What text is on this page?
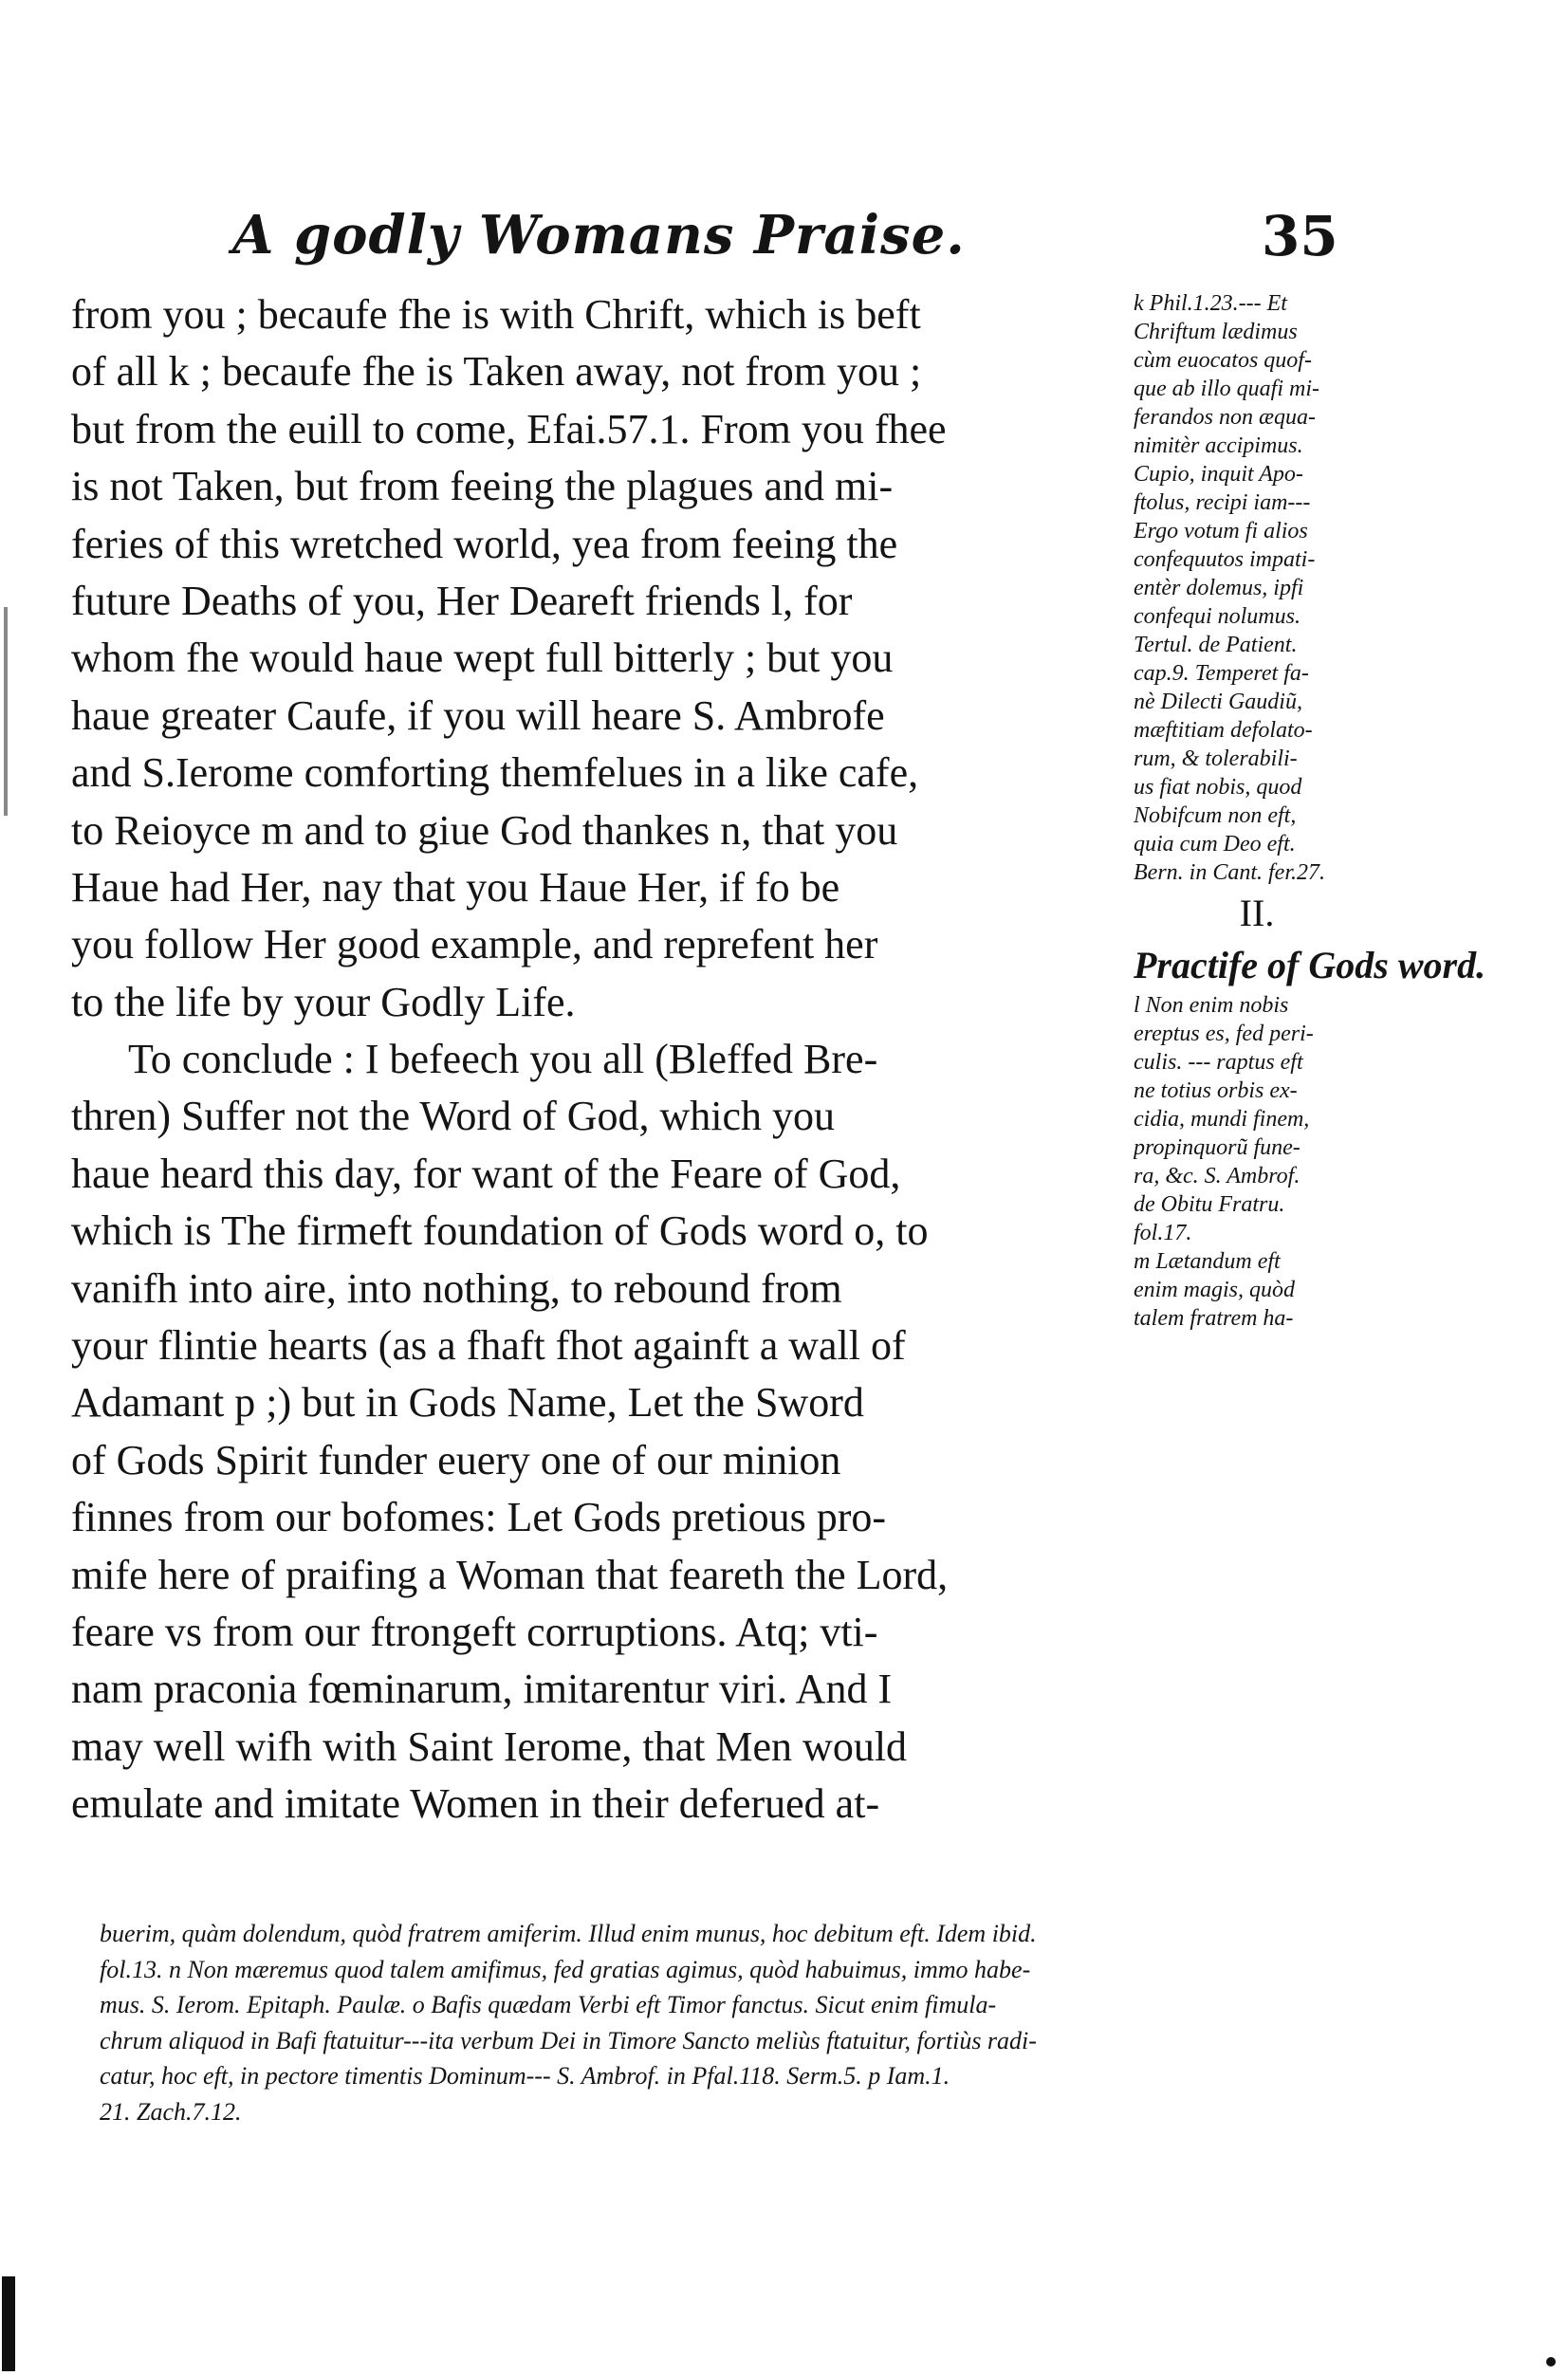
A godly Womans Praise.	35
from you ; becaufe fhe is with Chrift, which is beft
of all k ; becaufe fhe is Taken away, not from you ;
but from the euill to come, Efai.57.1. From you fhee
is not Taken, but from feeing the plagues and mi-
feries of this wretched world, yea from feeing the
future Deaths of you, Her Deareft friends l, for
whom fhe would haue wept full bitterly ; but you
haue greater Caufe, if you will heare S. Ambrofe
and S.Ierome comforting themfelues in a like cafe,
to Reioyce m and to giue God thankes n, that you
Haue had Her, nay that you Haue Her, if fo be
you follow Her good example, and reprefent her
to the life by your Godly Life.
To conclude : I befeech you all (Bleffed Bre-
thren) Suffer not the Word of God, which you
haue heard this day, for want of the Feare of God,
which is The firmeft foundation of Gods word o, to
vanifh into aire, into nothing, to rebound from
your flintie hearts (as a fhaft fhot againft a wall of
Adamant p ;) but in Gods Name, Let the Sword
of Gods Spirit funder euery one of our minion
finnes from our bofomes: Let Gods pretious pro-
mife here of praifing a Woman that feareth the Lord,
feare vs from our ftrongeft corruptions. Atq; vti-
nam praconia fœminarum, imitarentur viri. And I
may well wifh with Saint Ierome, that Men would
emulate and imitate Women in their deferued at-
k Phil.1.23.--- Et
Chriftum lædimus
cùm euocatos quof-
que ab illo quafi mi-
ferandos non æqua-
nimitèr accipimus.
Cupio, inquit Apo-
ftolus, recipi iam---
Ergo votum fi alios
confequutos impati-
entèr dolemus, ipfi
confequi nolumus.
Tertul. de Patient.
cap.9. Temperet fa-
nè Dilecti Gaudiũ,
mæftitiam defolato-
rum, & tolerabili-
us fiat nobis, quod
Nobifcum non eft,
quia cum Deo eft.
Bern. in Cant. fer.27.
II.
Practife of Gods word.
l Non enim nobis
ereptus es, fed peri-
culis. --- raptus eft
ne totius orbis ex-
cidia, mundi finem,
propinquorũ fune-
ra, &c. S. Ambrof.
de Obitu Fratru.
fol.17.
m Lætandum eft
enim magis, quòd
talem fratrem ha-
buerim, quàm dolendum, quòd fratrem amiferim. Illud enim munus, hoc debitum eft. Idem ibid.
fol.13. n Non mæremus quod talem amifimus, fed gratias agimus, quòd habuimus, immo habe-
mus. S. Ierom. Epitaph. Paulæ. o Bafis quædam Verbi eft Timor fanctus. Sicut enim fimula-
chrum aliquod in Bafi ftatuitur---ita verbum Dei in Timore Sancto meliùs ftatuitur, fortiùs radi-
catur, hoc eft, in pectore timentis Dominum--- S. Ambrof. in Pfal.118. Serm.5. p Iam.1.
21. Zach.7.12.
